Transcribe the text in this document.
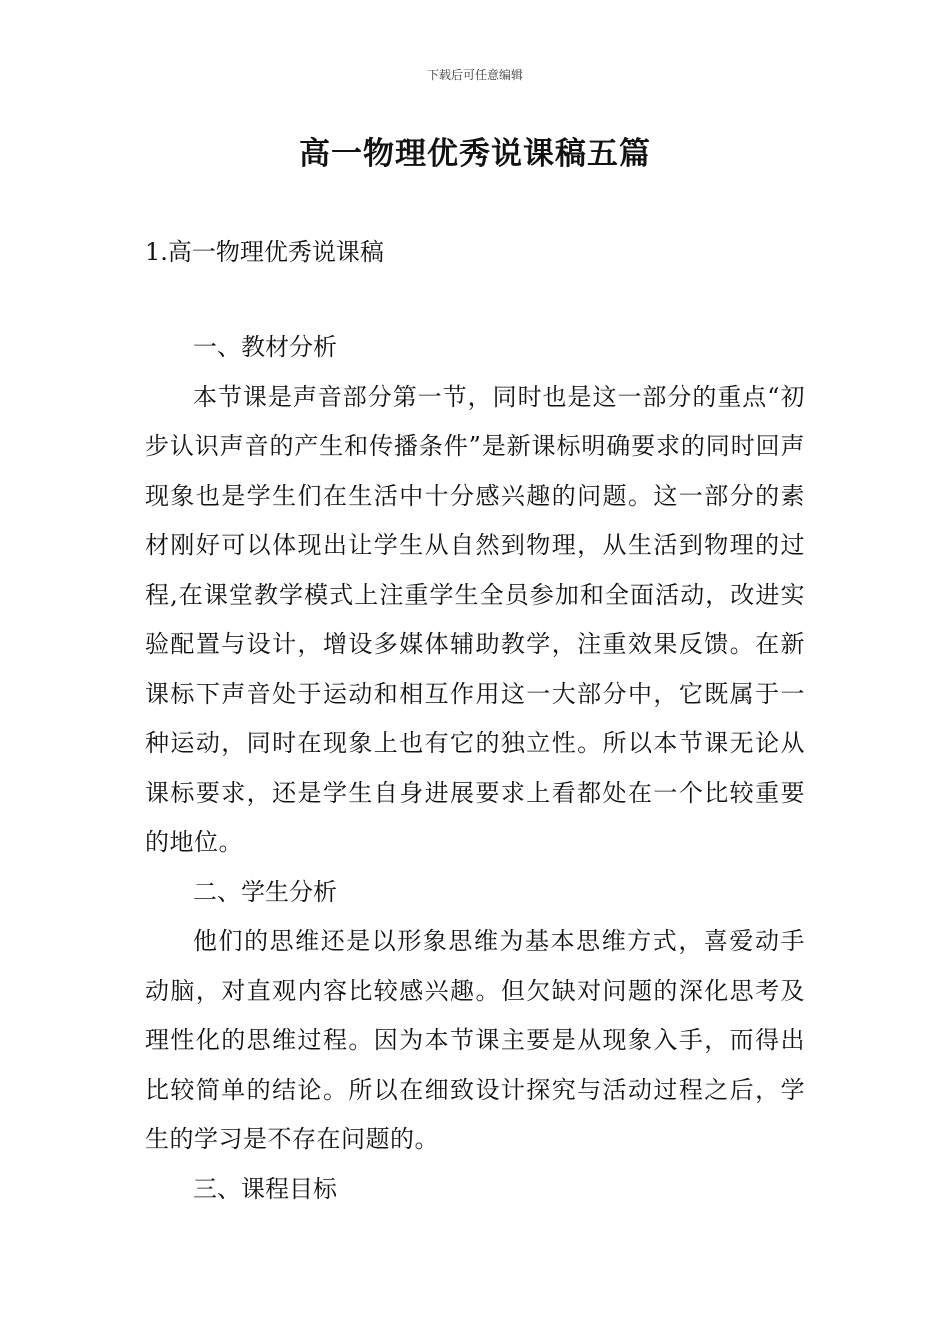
下载后可任意编辑
高一物理优秀说课稿五篇
1.高一物理优秀说课稿

一、教材分析

本节课是声音部分第一节，同时也是这一部分的重点“初步认识声音的产生和传播条件”是新课标明确要求的同时回声现象也是学生们在生活中十分感兴趣的问题。这一部分的素材刚好可以体现出让学生从自然到物理，从生活到物理的过程,在课堂教学模式上注重学生全员参加和全面活动，改进实验配置与设计，增设多媒体辅助教学，注重效果反馈。在新课标下声音处于运动和相互作用这一大部分中，它既属于一种运动，同时在现象上也有它的独立性。所以本节课无论从课标要求，还是学生自身进展要求上看都处在一个比较重要的地位。

二、学生分析

他们的思维还是以形象思维为基本思维方式，喜爱动手动脑，对直观内容比较感兴趣。但欠缺对问题的深化思考及理性化的思维过程。因为本节课主要是从现象入手，而得出比较简单的结论。所以在细致设计探究与活动过程之后，学生的学习是不存在问题的。

三、课程目标
